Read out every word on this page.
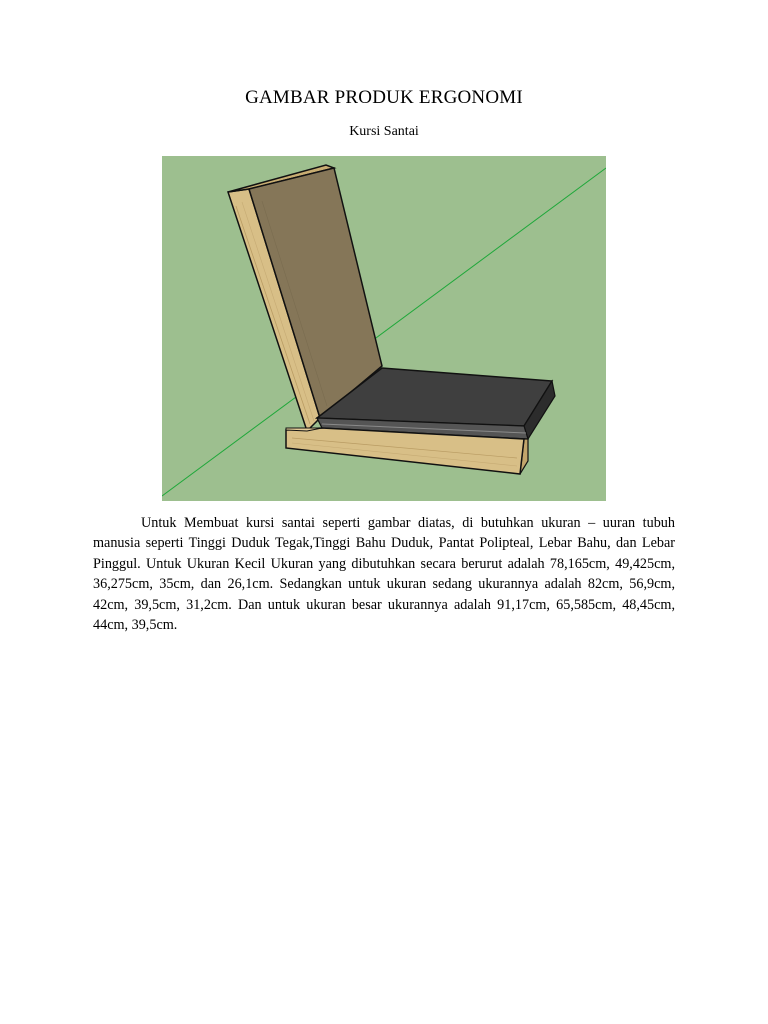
GAMBAR PRODUK ERGONOMI

Kursi Santai

Untuk Membuat kursi santai seperti gambar diatas, di butuhkan ukuran – uuran tubuh manusia seperti Tinggi Duduk Tegak,Tinggi Bahu Duduk, Pantat Polipteal, Lebar Bahu, dan Lebar Pinggul. Untuk Ukuran Kecil Ukuran yang dibutuhkan secara berurut adalah 78,165cm, 49,425cm, 36,275cm, 35cm, dan 26,1cm. Sedangkan untuk ukuran sedang ukurannya adalah 82cm, 56,9cm, 42cm, 39,5cm, 31,2cm. Dan untuk ukuran besar ukurannya adalah 91,17cm, 65,585cm, 48,45cm, 44cm, 39,5cm.
